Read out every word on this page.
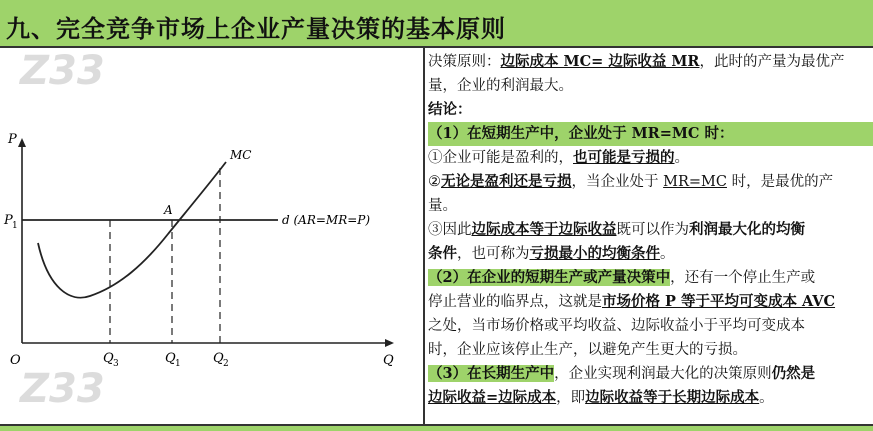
九、完全竞争市场上企业产量决策的基本原则
Z33
Z33
P
Q
O
P 1	d (AR=MR=P)
MC
A
Q 3	Q 1 Q 2
决策原则：边际成本 MC= 边际收益 MR，此时的产量为最优产
量，企业的利润最大。
结论：
（1）在短期生产中，企业处于 MR=MC 时：
①企业可能是盈利的，也可能是亏损的。
②无论是盈利还是亏损，当企业处于 MR=MC 时，是最优的产
量。
③因此边际成本等于边际收益既可以作为利润最大化的均衡
条件，也可称为亏损最小的均衡条件。
（2）在企业的短期生产或产量决策中，还有一个停止生产或
停止营业的临界点，这就是市场价格 P 等于平均可变成本 AVC
之处，当市场价格或平均收益、边际收益小于平均可变成本
时，企业应该停止生产，以避免产生更大的亏损。
（3）在长期生产中，企业实现利润最大化的决策原则仍然是
边际收益=边际成本，即边际收益等于长期边际成本。
